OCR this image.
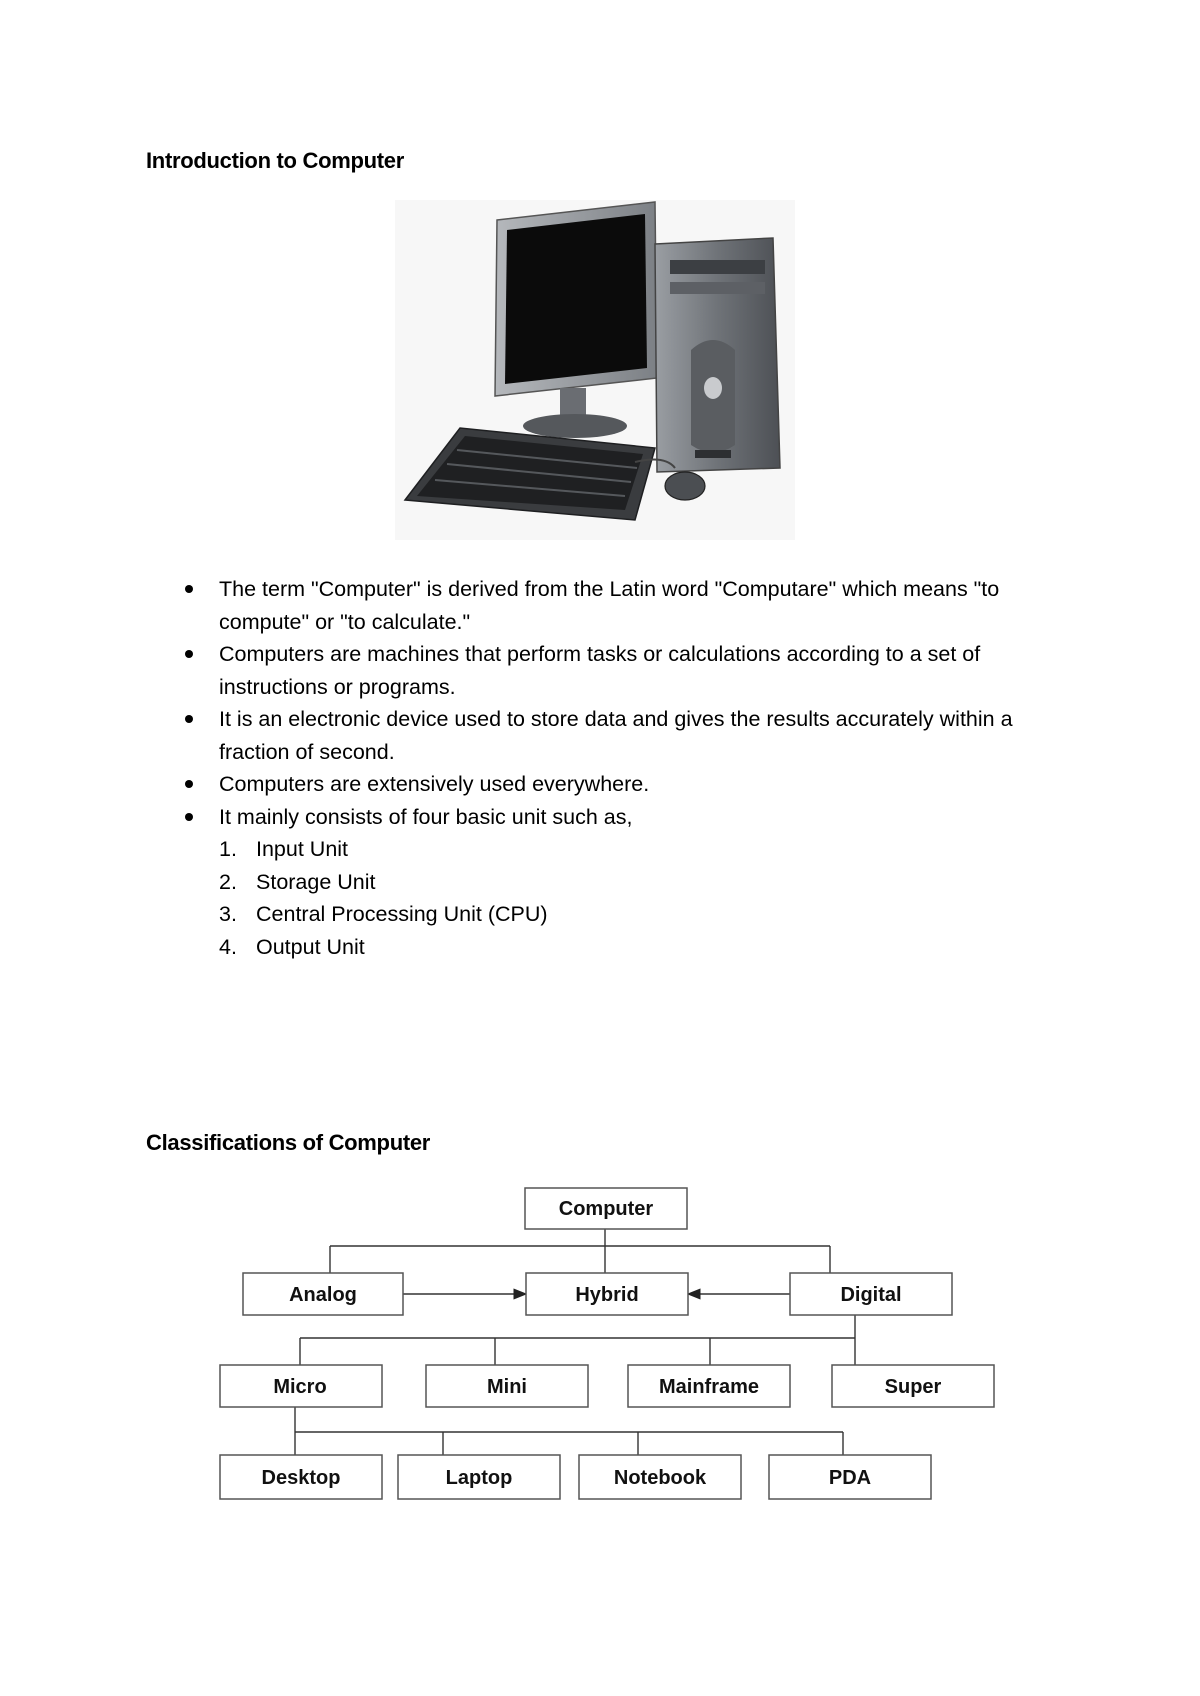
Introduction to Computer
The term "Computer" is derived from the Latin word "Computare" which means "to compute" or "to calculate."
Computers are machines that perform tasks or calculations according to a set of instructions or programs.
It is an electronic device used to store data and gives the results accurately within a fraction of second.
Computers are extensively used everywhere.
It mainly consists of four basic unit such as,
1. Input Unit
2. Storage Unit
3. Central Processing Unit (CPU)
4. Output Unit
Classifications of Computer
Computer
Analog	Hybrid	Digital
Micro	Mini	Mainframe	Super
Desktop	Laptop	Notebook	PDA
